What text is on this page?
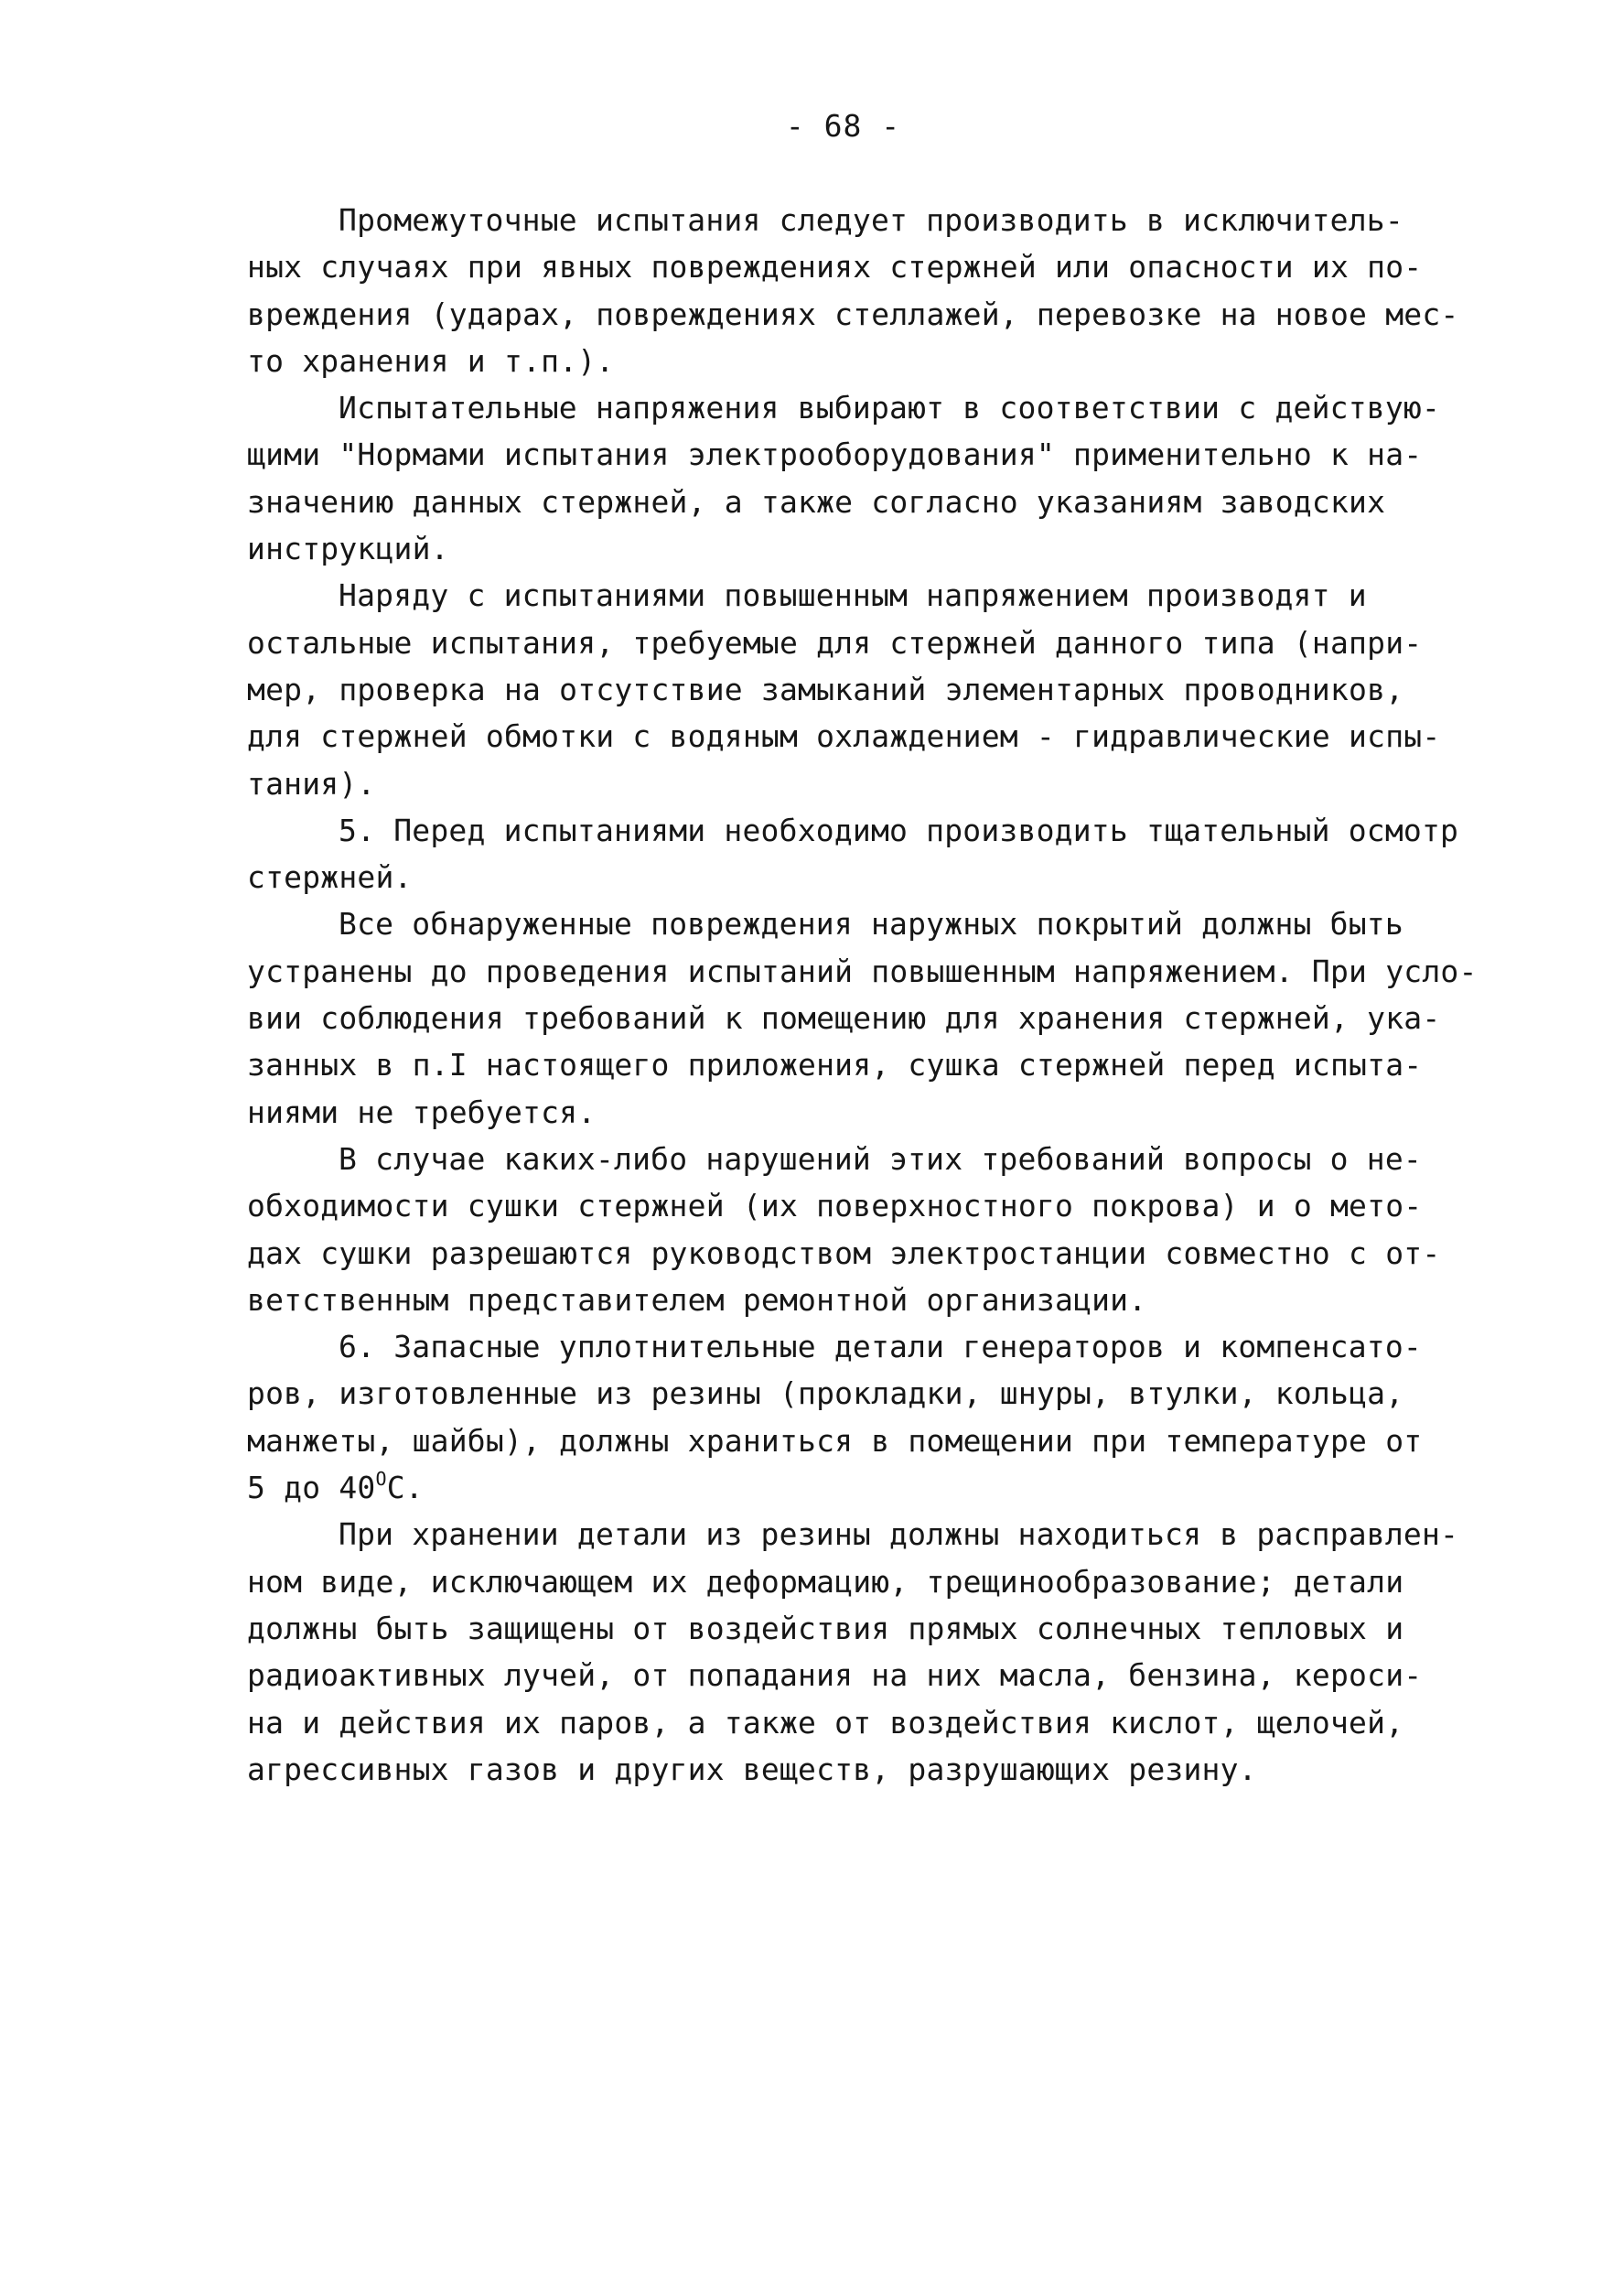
- 68 -
Промежуточные испытания следует производить в исключитель-
ных случаях при явных повреждениях стержней или опасности их по-
вреждения (ударах, повреждениях стеллажей, перевозке на новое мес-
то хранения и т.п.).
Испытательные напряжения выбирают в соответствии с действую-
щими "Нормами испытания электрооборудования" применительно к на-
значению данных стержней, а также согласно указаниям заводских
инструкций.
Наряду с испытаниями повышенным напряжением производят и
остальные испытания, требуемые для стержней данного типа (напри-
мер, проверка на отсутствие замыканий элементарных проводников,
для стержней обмотки с водяным охлаждением - гидравлические испы-
тания).
5. Перед испытаниями необходимо производить тщательный осмотр
стержней.
Все обнаруженные повреждения наружных покрытий должны быть
устранены до проведения испытаний повышенным напряжением. При усло-
вии соблюдения требований к помещению для хранения стержней, ука-
занных в п.I настоящего приложения, сушка стержней перед испыта-
ниями не требуется.
В случае каких-либо нарушений этих требований вопросы о не-
обходимости сушки стержней (их поверхностного покрова) и о мето-
дах сушки разрешаются руководством электростанции совместно с от-
ветственным представителем ремонтной организации.
6. Запасные уплотнительные детали генераторов и компенсато-
ров, изготовленные из резины (прокладки, шнуры, втулки, кольца,
манжеты, шайбы), должны храниться в помещении при температуре от
5 до $40^ОС$.
При хранении детали из резины должны находиться в расправлен-
ном виде, исключающем их деформацию, трещинообразование; детали
должны быть защищены от воздействия прямых солнечных тепловых и
радиоактивных лучей, от попадания на них масла, бензина, кероси-
на и действия их паров, а также от воздействия кислот, щелочей,
агрессивных газов и других веществ, разрушающих резину.
